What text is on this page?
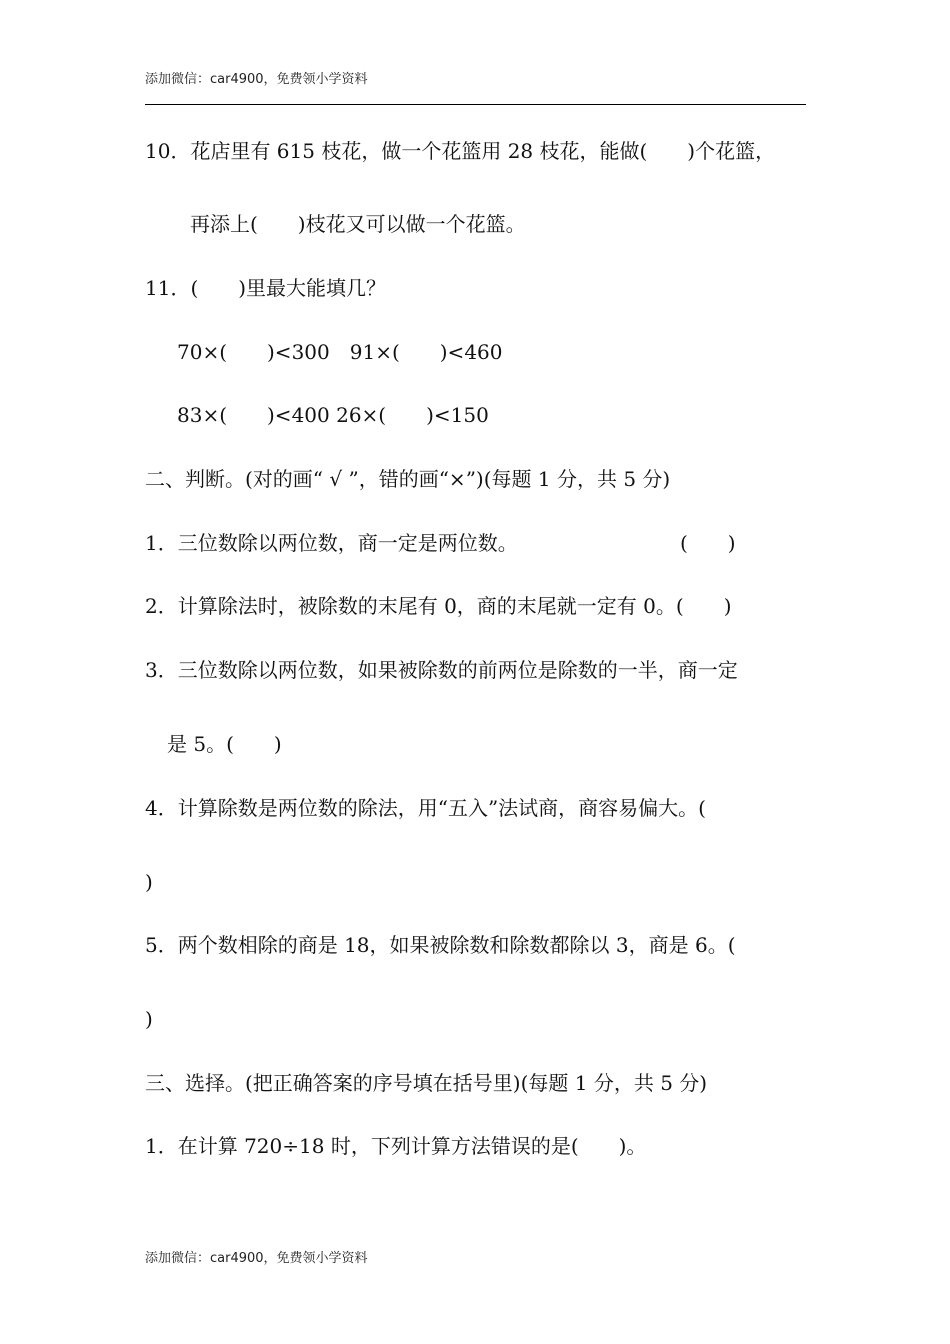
添加微信：car4900，免费领小学资料
10．花店里有 615 枝花，做一个花篮用 28 枝花，能做(　　)个花篮，
再添上(　　)枝花又可以做一个花篮。
11．(　　)里最大能填几？
70×(　　)<300　91×(　　)<460
83×(　　)<400 26×(　　)<150
二、判断。(对的画“ √ ”，错的画“×”)(每题 1 分，共 5 分)
1．三位数除以两位数，商一定是两位数。	(　　)
2．计算除法时，被除数的末尾有 0，商的末尾就一定有 0。(　　)
3．三位数除以两位数，如果被除数的前两位是除数的一半，商一定
是 5。(　　)
4．计算除数是两位数的除法，用“五入”法试商，商容易偏大。(
)
5．两个数相除的商是 18，如果被除数和除数都除以 3，商是 6。(
)
三、选择。(把正确答案的序号填在括号里)(每题 1 分，共 5 分)
1．在计算 720÷18 时，下列计算方法错误的是(　　)。
添加微信：car4900，免费领小学资料
